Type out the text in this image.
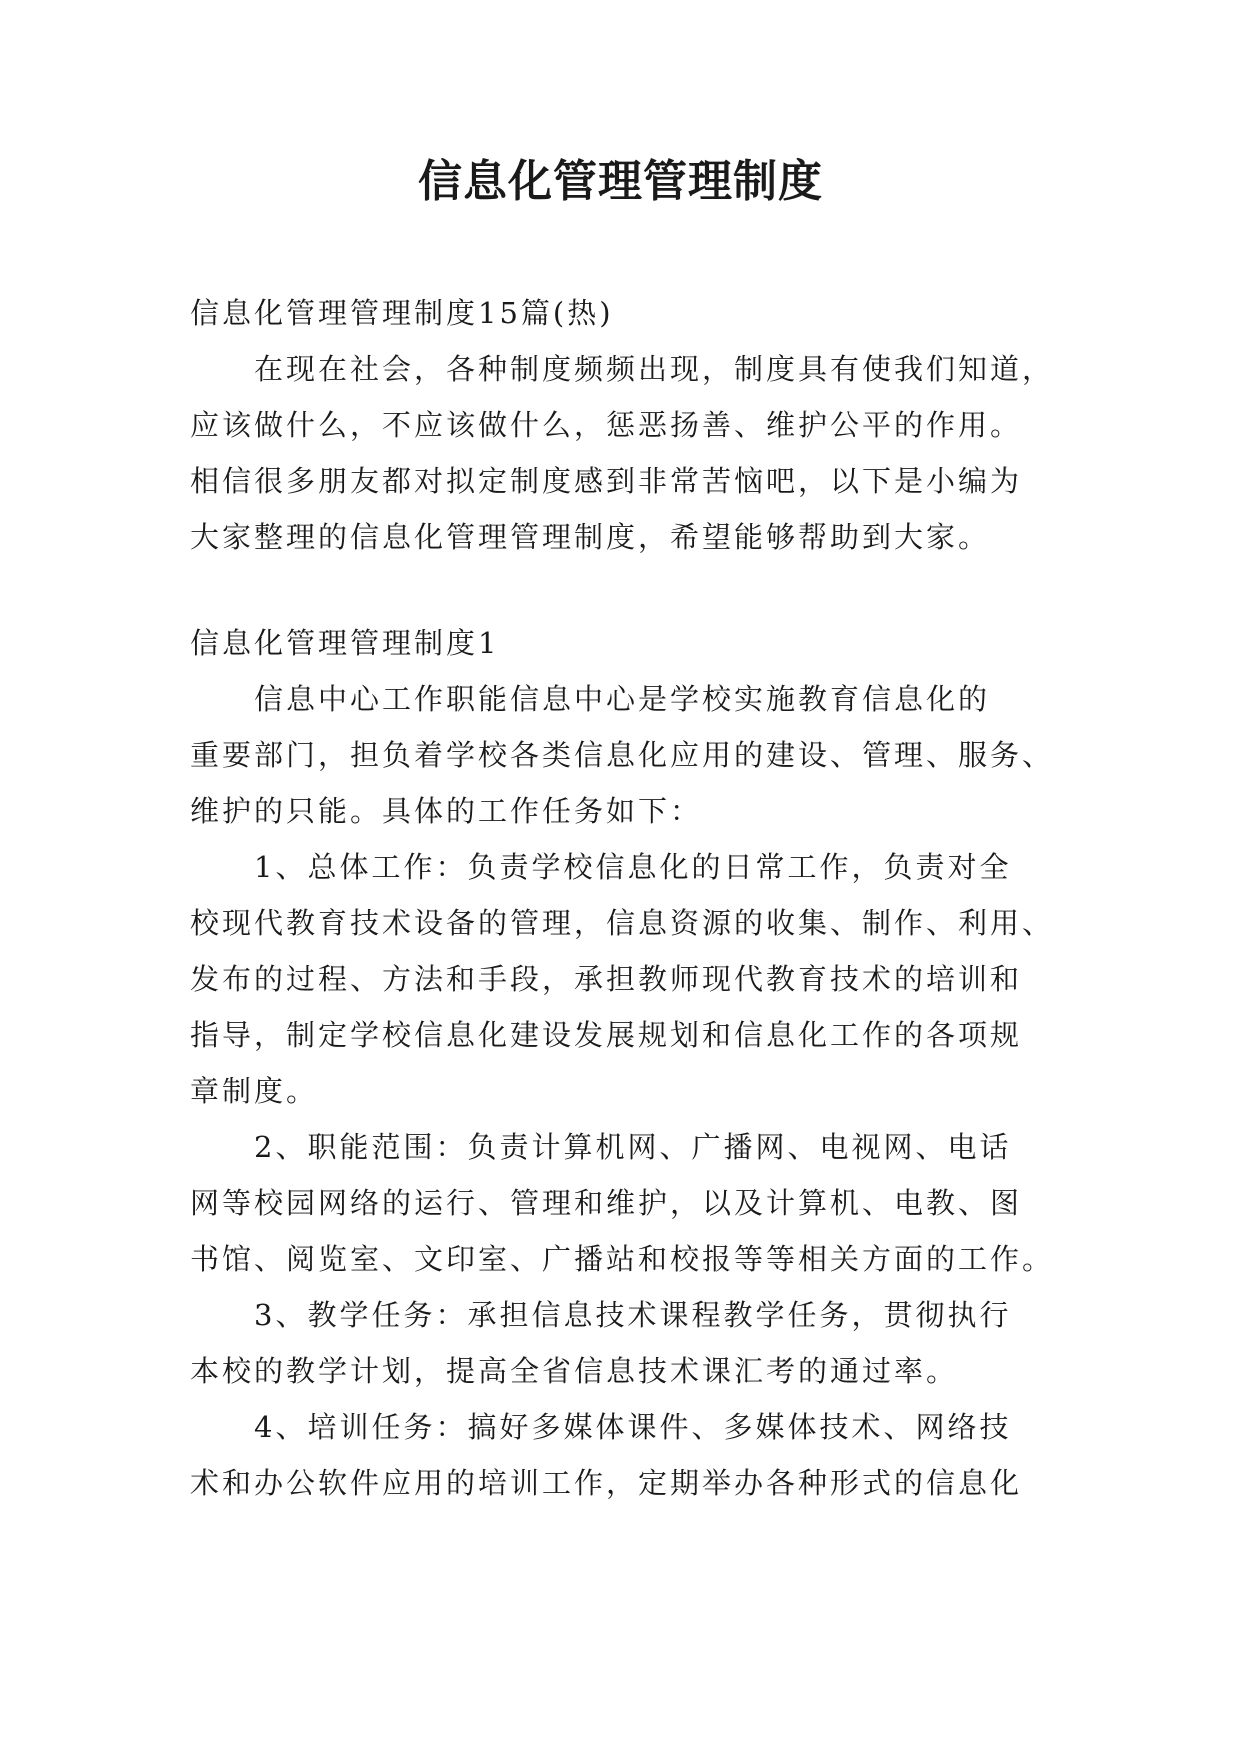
信息化管理管理制度
信息化管理管理制度15篇(热)
　　在现在社会，各种制度频频出现，制度具有使我们知道，
应该做什么，不应该做什么，惩恶扬善、维护公平的作用。
相信很多朋友都对拟定制度感到非常苦恼吧，以下是小编为
大家整理的信息化管理管理制度，希望能够帮助到大家。
信息化管理管理制度1
　　信息中心工作职能信息中心是学校实施教育信息化的
重要部门，担负着学校各类信息化应用的建设、管理、服务、
维护的只能。具体的工作任务如下：
　　1、总体工作：负责学校信息化的日常工作，负责对全
校现代教育技术设备的管理，信息资源的收集、制作、利用、
发布的过程、方法和手段，承担教师现代教育技术的培训和
指导，制定学校信息化建设发展规划和信息化工作的各项规
章制度。
　　2、职能范围：负责计算机网、广播网、电视网、电话
网等校园网络的运行、管理和维护，以及计算机、电教、图
书馆、阅览室、文印室、广播站和校报等等相关方面的工作。
　　3、教学任务：承担信息技术课程教学任务，贯彻执行
本校的教学计划，提高全省信息技术课汇考的通过率。
　　4、培训任务：搞好多媒体课件、多媒体技术、网络技
术和办公软件应用的培训工作，定期举办各种形式的信息化
